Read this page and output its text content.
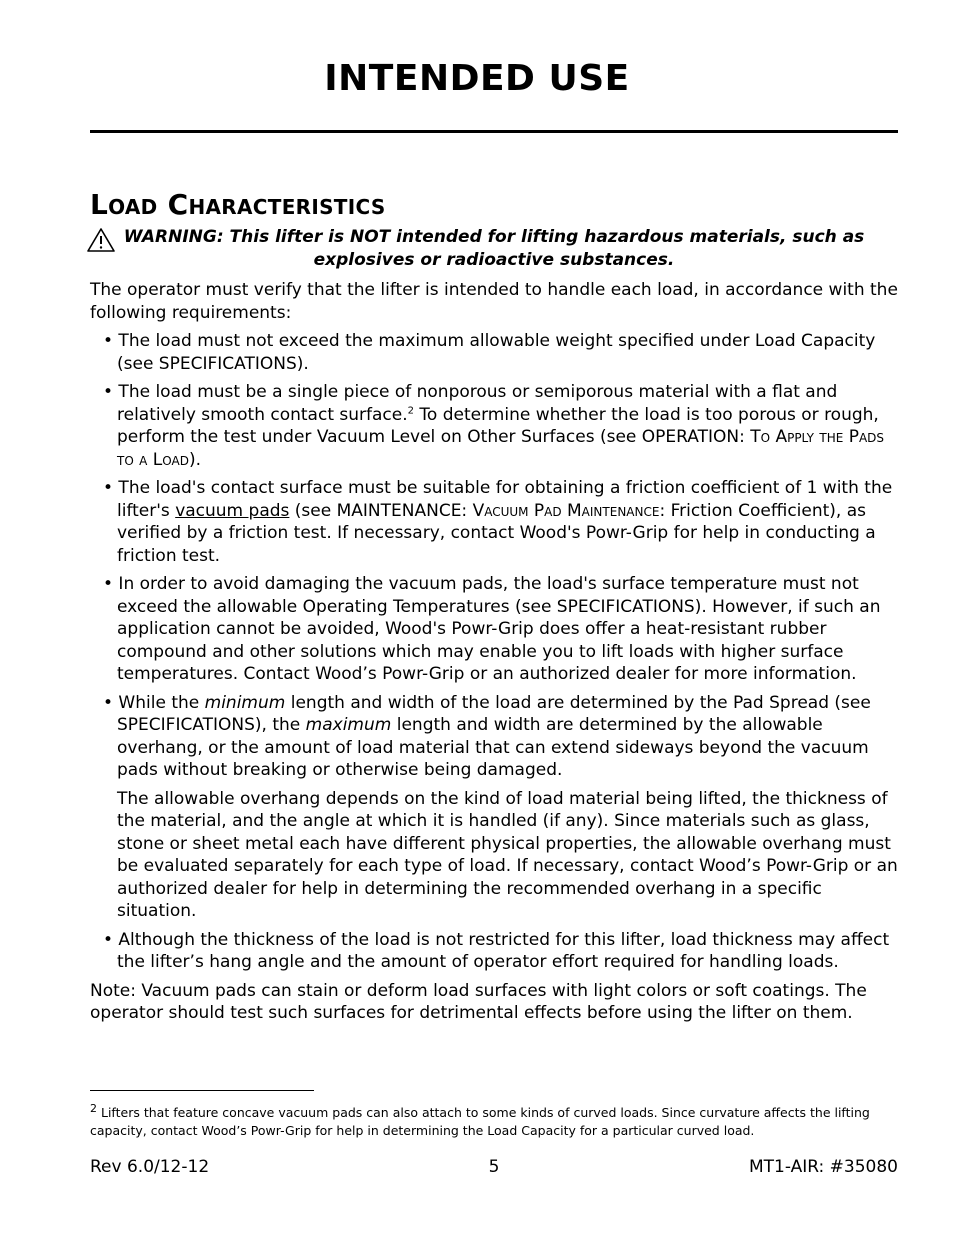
INTENDED USE
Load Characteristics

WARNING: This lifter is NOT intended for lifting hazardous materials, such as

explosives or radioactive substances.

The operator must verify that the lifter is intended to handle each load, in accordance with the following requirements:

• The load must not exceed the maximum allowable weight specified under Load Capacity (see SPECIFICATIONS).

• The load must be a single piece of nonporous or semiporous material with a flat and relatively smooth contact surface.$^2$ To determine whether the load is too porous or rough, perform the test under Vacuum Level on Other Surfaces (see OPERATION: To Apply the Pads to a Load).

• The load's contact surface must be suitable for obtaining a friction coefficient of 1 with the lifter's vacuum pads (see MAINTENANCE: Vacuum Pad Maintenance: Friction Coefficient), as verified by a friction test. If necessary, contact Wood's Powr-Grip for help in conducting a friction test.

• In order to avoid damaging the vacuum pads, the load's surface temperature must not exceed the allowable Operating Temperatures (see SPECIFICATIONS). However, if such an application cannot be avoided, Wood's Powr-Grip does offer a heat-resistant rubber compound and other solutions which may enable you to lift loads with higher surface temperatures. Contact Wood’s Powr-Grip or an authorized dealer for more information.

• While the minimum length and width of the load are determined by the Pad Spread (see SPECIFICATIONS), the maximum length and width are determined by the allowable overhang, or the amount of load material that can extend sideways beyond the vacuum pads without breaking or otherwise being damaged.

The allowable overhang depends on the kind of load material being lifted, the thickness of the material, and the angle at which it is handled (if any). Since materials such as glass, stone or sheet metal each have different physical properties, the allowable overhang must be evaluated separately for each type of load. If necessary, contact Wood’s Powr-Grip or an authorized dealer for help in determining the recommended overhang in a specific situation.

• Although the thickness of the load is not restricted for this lifter, load thickness may affect the lifter’s hang angle and the amount of operator effort required for handling loads.

Note: Vacuum pads can stain or deform load surfaces with light colors or soft coatings. The operator should test such surfaces for detrimental effects before using the lifter on them.

2 Lifters that feature concave vacuum pads can also attach to some kinds of curved loads. Since curvature affects the lifting capacity, contact Wood’s Powr-Grip for help in determining the Load Capacity for a particular curved load.

Rev 6.0/12-12	5	MT1-AIR: #35080
